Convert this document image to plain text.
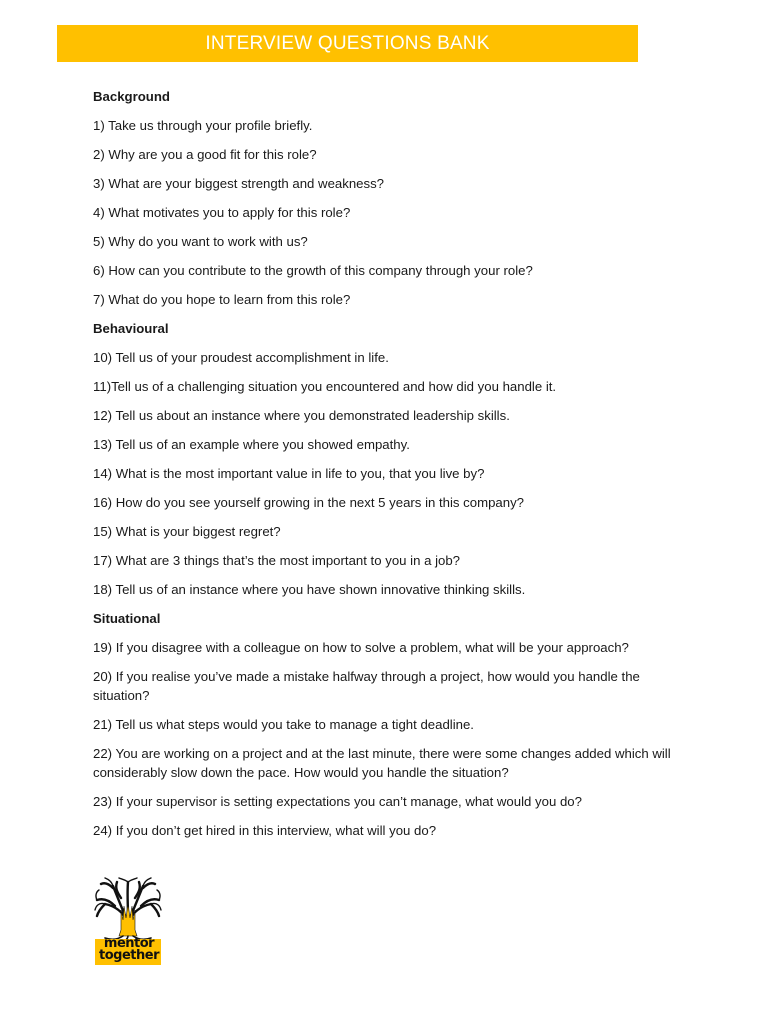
INTERVIEW QUESTIONS BANK
Background
1) Take us through your profile briefly.
2) Why are you a good fit for this role?
3) What are your biggest strength and weakness?
4) What motivates you to apply for this role?
5) Why do you want to work with us?
6) How can you contribute to the growth of this company through your role?
7) What do you hope to learn from this role?
Behavioural
10) Tell us of your proudest accomplishment in life.
11)Tell us of a challenging situation you encountered and how did you handle it.
12) Tell us about an instance where you demonstrated leadership skills.
13) Tell us of an example where you showed empathy.
14) What is the most important value in life to you, that you live by?
16) How do you see yourself growing in the next 5 years in this company?
15) What is your biggest regret?
17) What are 3 things that’s the most important to you in a job?
18) Tell us of an instance where you have shown innovative thinking skills.
Situational
19) If you disagree with a colleague on how to solve a problem, what will be your approach?
20) If you realise you’ve made a mistake halfway through a project, how would you handle the situation?
21) Tell us what steps would you take to manage a tight deadline.
22) You are working on a project and at the last minute, there were some changes added which will considerably slow down the pace. How would you handle the situation?
23) If your supervisor is setting expectations you can’t manage, what would you do?
24) If you don’t get hired in this interview, what will you do?
mentor
together
